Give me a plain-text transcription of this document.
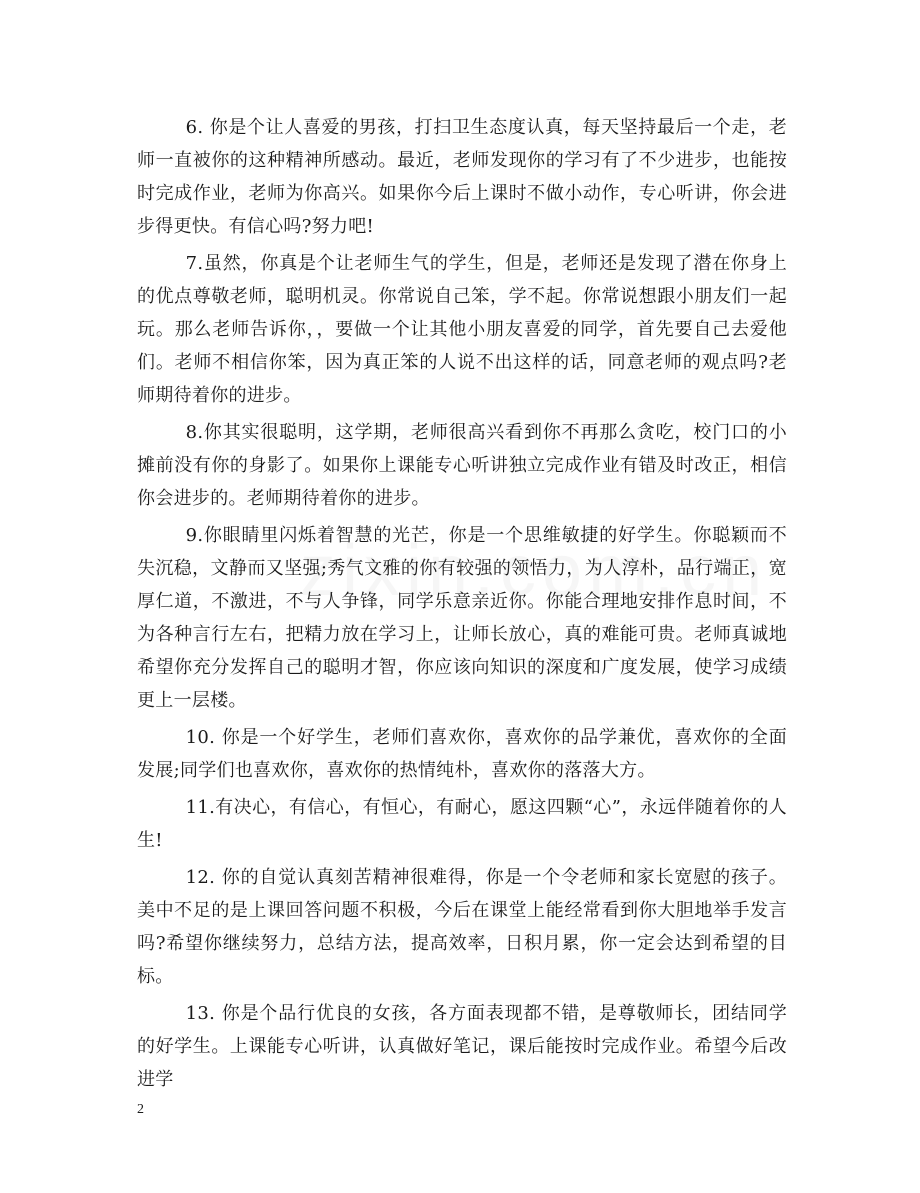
6. 你是个让人喜爱的男孩，打扫卫生态度认真，每天坚持最后一个走，老师一直被你的这种精神所感动。最近，老师发现你的学习有了不少进步，也能按时完成作业，老师为你高兴。如果你今后上课时不做小动作，专心听讲，你会进步得更快。有信心吗?努力吧!

7.虽然，你真是个让老师生气的学生，但是，老师还是发现了潜在你身上的优点尊敬老师，聪明机灵。你常说自己笨，学不起。你常说想跟小朋友们一起玩。那么老师告诉你，，要做一个让其他小朋友喜爱的同学，首先要自己去爱他们。老师不相信你笨，因为真正笨的人说不出这样的话，同意老师的观点吗?老师期待着你的进步。

8.你其实很聪明，这学期，老师很高兴看到你不再那么贪吃，校门口的小摊前没有你的身影了。如果你上课能专心听讲独立完成作业有错及时改正，相信你会进步的。老师期待着你的进步。

9.你眼睛里闪烁着智慧的光芒，你是一个思维敏捷的好学生。你聪颖而不失沉稳，文静而又坚强;秀气文雅的你有较强的领悟力，为人淳朴，品行端正，宽厚仁道，不激进，不与人争锋，同学乐意亲近你。你能合理地安排作息时间，不为各种言行左右，把精力放在学习上，让师长放心，真的难能可贵。老师真诚地希望你充分发挥自己的聪明才智，你应该向知识的深度和广度发展，使学习成绩更上一层楼。

10. 你是一个好学生，老师们喜欢你，喜欢你的品学兼优，喜欢你的全面发展;同学们也喜欢你，喜欢你的热情纯朴，喜欢你的落落大方。

11.有决心，有信心，有恒心，有耐心，愿这四颗“心”，永远伴随着你的人生!

12. 你的自觉认真刻苦精神很难得，你是一个令老师和家长宽慰的孩子。美中不足的是上课回答问题不积极，今后在课堂上能经常看到你大胆地举手发言吗?希望你继续努力，总结方法，提高效率，日积月累，你一定会达到希望的目标。

13. 你是个品行优良的女孩，各方面表现都不错，是尊敬师长，团结同学的好学生。上课能专心听讲，认真做好笔记，课后能按时完成作业。希望今后改进学

2
